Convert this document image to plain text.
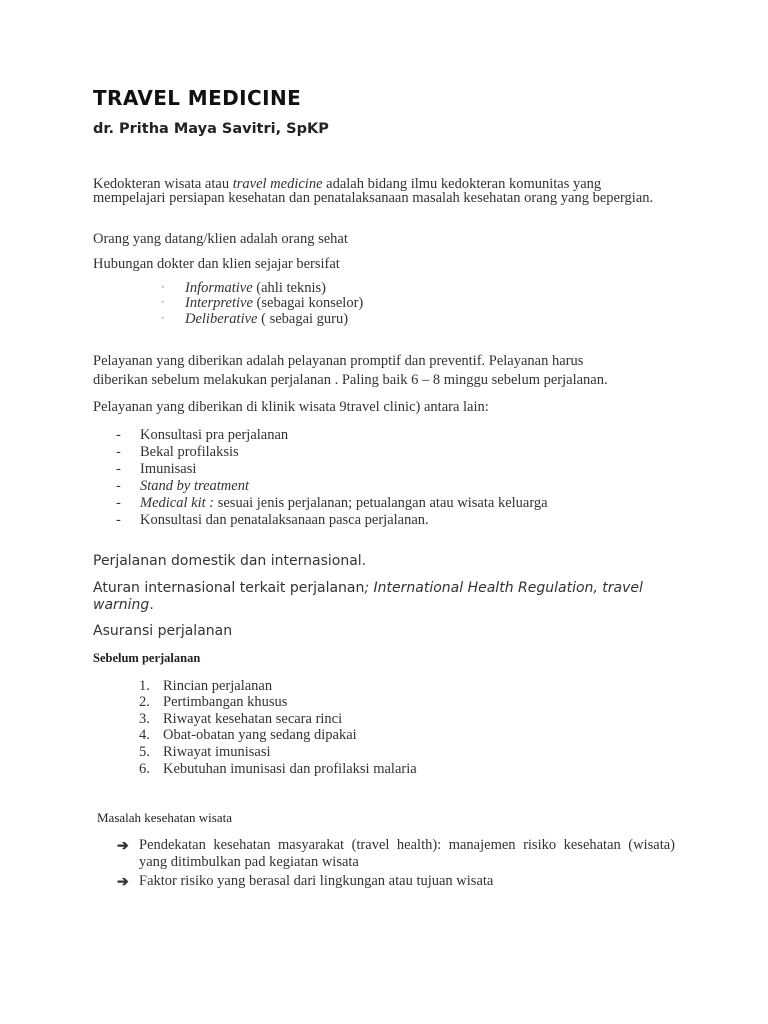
TRAVEL MEDICINE
dr. Pritha Maya Savitri, SpKP
Kedokteran wisata atau travel medicine adalah bidang ilmu kedokteran komunitas yang mempelajari persiapan kesehatan dan penatalaksanaan masalah kesehatan orang yang bepergian.
Orang yang datang/klien adalah orang sehat
Hubungan dokter dan klien sejajar bersifat
◦ Informative (ahli teknis)
◦ Interpretive (sebagai konselor)
◦ Deliberative ( sebagai guru)
Pelayanan yang diberikan adalah pelayanan promptif dan preventif. Pelayanan harus
diberikan sebelum melakukan perjalanan . Paling baik 6 – 8 minggu sebelum perjalanan.
Pelayanan yang diberikan di klinik wisata 9travel clinic) antara lain:
- Konsultasi pra perjalanan
- Bekal profilaksis
- Imunisasi
- Stand by treatment
- Medical kit : sesuai jenis perjalanan; petualangan atau wisata keluarga
- Konsultasi dan penatalaksanaan pasca perjalanan.
Perjalanan domestik dan internasional.
Aturan internasional terkait perjalanan; International Health Regulation, travel
warning.
Asuransi perjalanan
Sebelum perjalanan
1. Rincian perjalanan
2. Pertimbangan khusus
3. Riwayat kesehatan secara rinci
4. Obat-obatan yang sedang dipakai
5. Riwayat imunisasi
6. Kebutuhan imunisasi dan profilaksi malaria
Masalah kesehatan wisata
➔ Pendekatan kesehatan masyarakat (travel health): manajemen risiko kesehatan (wisata) yang ditimbulkan pad kegiatan wisata
➔ Faktor risiko yang berasal dari lingkungan atau tujuan wisata
